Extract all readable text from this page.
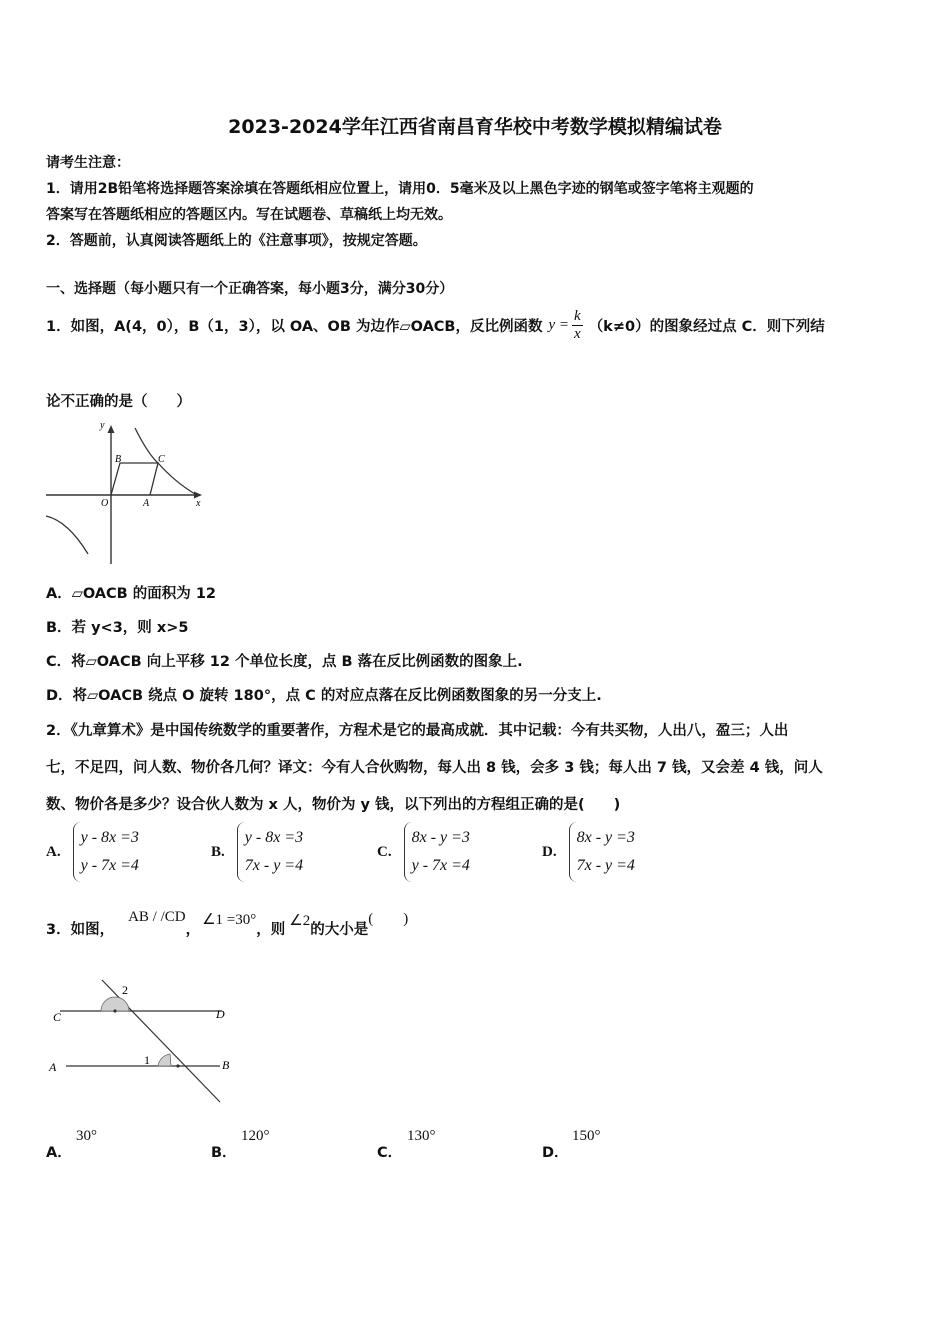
2023-2024学年江西省南昌育华校中考数学模拟精编试卷
请考生注意：
1．请用2B铅笔将选择题答案涂填在答题纸相应位置上，请用0．5毫米及以上黑色字迹的钢笔或签字笔将主观题的
答案写在答题纸相应的答题区内。写在试题卷、草稿纸上均无效。
2．答题前，认真阅读答题纸上的《注意事项》，按规定答题。
一、选择题（每小题只有一个正确答案，每小题3分，满分30分）
1．如图，A(4，0），B（1，3），以 OA、OB 为边作▱OACB，反比例函数 $y = \frac{k}{x} (k\ne 0)$的图象经过点 C．则下列结
论不正确的是（　　）
y
x
O	A
B	C
A．▱OACB 的面积为 12
B．若 y<3，则 x>5
C．将▱OACB 向上平移 12 个单位长度，点 B 落在反比例函数的图象上.
D．将▱OACB 绕点 O 旋转 180°，点 C 的对应点落在反比例函数图象的另一分支上.
2．《九章算术》是中国传统数学的重要著作，方程术是它的最高成就．其中记载：今有共买物，人出八，盈三；人出
七，不足四，问人数、物价各几何？译文：今有人合伙购物，每人出 8 钱，会多 3 钱；每人出 7 钱，又会差 4 钱，问人
数、物价各是多少？设合伙人数为 x 人，物价为 y 钱，以下列出的方程组正确的是(　　)
A.
y - 8x =3
y - 7x =4
B.
y - 8x =3
7x - y =4
C.
8x - y =3
y - 7x =4
D.
8x - y =3
7x - y =4
3．如图，
AB / /CD
，
∠1 =30°
，则
∠2
的大小是
(　　)
C	D
A	B
1
2
A．
30°
B．
120°
C．
130°
D．
150°
